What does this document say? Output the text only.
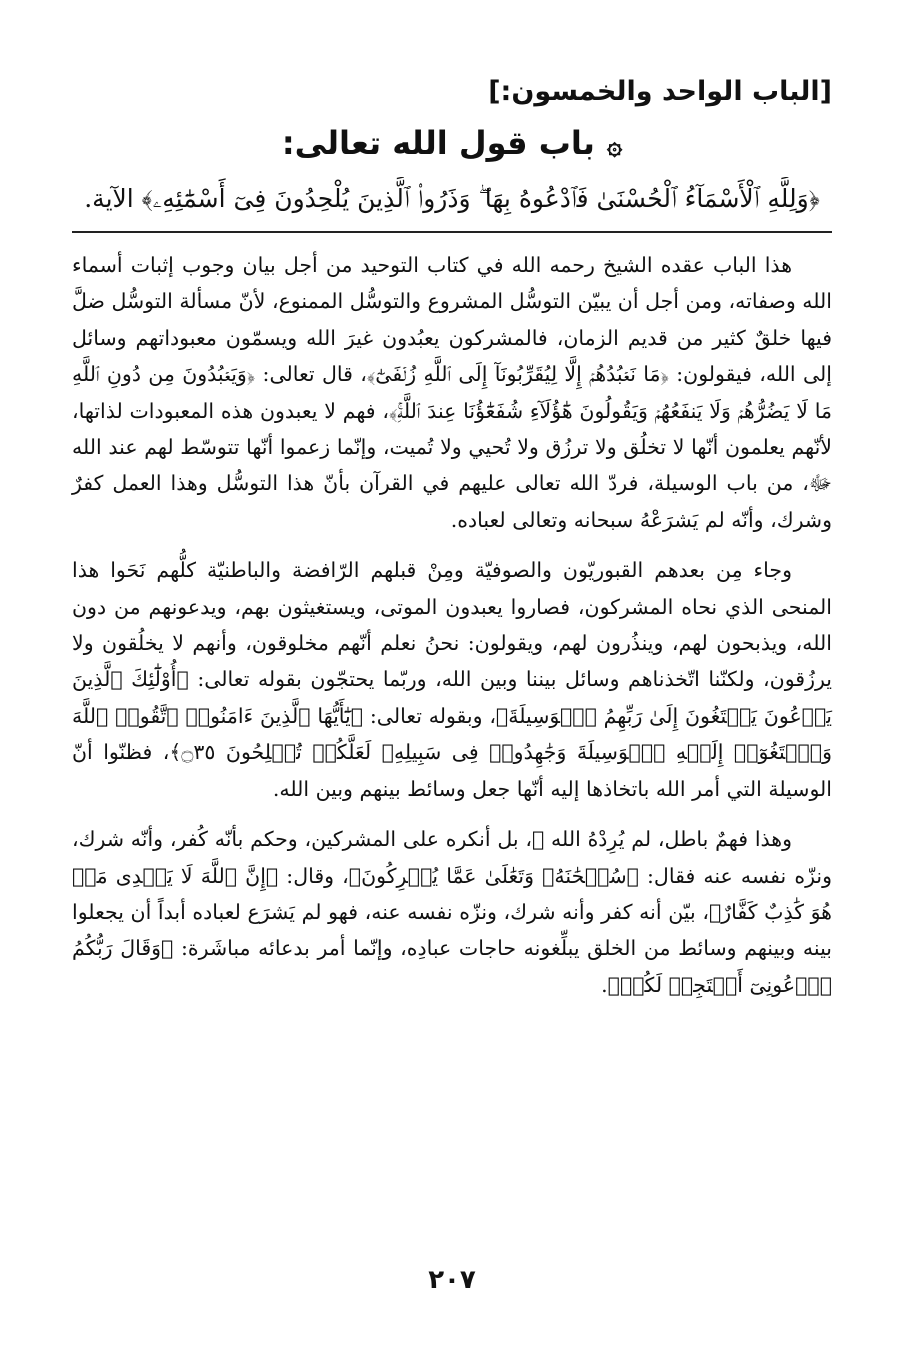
[الباب الواحد والخمسون:]
۞باب قول الله تعالى:

﴿وَلِلَّهِ ٱلْأَسْمَآءُ ٱلْحُسْنَىٰ فَٱدْعُوهُ بِهَا ۖ وَذَرُوا۟ ٱلَّذِينَ يُلْحِدُونَ فِىٓ أَسْمَٰٓئِهِۦ﴾ الآية.

هذا الباب عقده الشيخ رحمه الله في كتاب التوحيد من أجل بيان وجوب إثبات أسماء الله وصفاته، ومن أجل أن يبيّن التوسُّل المشروع والتوسُّل الممنوع، لأنّ مسألة التوسُّل ضلَّ فيها خلقٌ كثير من قديم الزمان، فالمشركون يعبُدون غيرَ الله ويسمّون معبوداتهم وسائل إلى الله، فيقولون: ﴿مَا نَعۡبُدُهُمۡ إِلَّا لِيُقَرِّبُونَآ إِلَى ٱللَّهِ زُلۡفَىٰٓ﴾، قال تعالى: ﴿وَيَعۡبُدُونَ مِن دُونِ ٱللَّهِ مَا لَا يَضُرُّهُمۡ وَلَا يَنفَعُهُمۡ وَيَقُولُونَ هَٰٓؤُلَآءِ شُفَعَٰٓؤُنَا عِندَ ٱللَّهِۚ﴾، فهم لا يعبدون هذه المعبودات لذاتها، لأنّهم يعلمون أنّها لا تخلُق ولا ترزُق ولا تُحيي ولا تُميت، وإنّما زعموا أنّها تتوسّط لهم عند الله ﷻ، من باب الوسيلة، فردّ الله تعالى عليهم في القرآن بأنّ هذا التوسُّل وهذا العمل كفرٌ وشرك، وأنّه لم يَشرَعْهُ سبحانه وتعالى لعباده.

وجاء مِن بعدهم القبوريّون والصوفيّة ومِنْ قبلهم الرّافضة والباطنيّة كلُّهم نَحَوا هذا المنحى الذي نحاه المشركون، فصاروا يعبدون الموتى، ويستغيثون بهم، ويدعونهم من دون الله، ويذبحون لهم، وينذُرون لهم، ويقولون: نحنُ نعلم أنّهم مخلوقون، وأنهم لا يخلُقون ولا يرزُقون، ولكنّنا اتّخذناهم وسائل بيننا وبين الله، وربّما يحتجّون بقوله تعالى: ﴿أُوْلَٰٓئِكَ ٱلَّذِينَ يَدۡعُونَ يَبۡتَغُونَ إِلَىٰ رَبِّهِمُ ٱلۡوَسِيلَةَ﴾، وبقوله تعالى: ﴿يَٰٓأَيُّهَا ٱلَّذِينَ ءَامَنُوا۟ ٱتَّقُوا۟ ٱللَّهَ وَٱبۡتَغُوٓا۟ إِلَيۡهِ ٱلۡوَسِيلَةَ وَجَٰهِدُوا۟ فِى سَبِيلِهِۦ لَعَلَّكُمۡ تُفۡلِحُونَ ۝٣٥﴾، فظنّوا أنّ الوسيلة التي أمر الله باتخاذها إليه أنّها جعل وسائط بينهم وبين الله.

وهذا فهمٌ باطل، لم يُرِدْهُ الله ﷻ، بل أنكره على المشركين، وحكم بأنّه كُفر، وأنّه شرك، ونزّه نفسه عنه فقال: ﴿سُبۡحَٰنَهُۥ وَتَعَٰلَىٰ عَمَّا يُشۡرِكُونَ﴾، وقال: ﴿إِنَّ ٱللَّهَ لَا يَهۡدِى مَنۡ هُوَ كَٰذِبٌ كَفَّارٌ﴾، بيّن أنه كفر وأنه شرك، ونزّه نفسه عنه، فهو لم يَشرَع لعباده أبداً أن يجعلوا بينه وبينهم وسائط من الخلق يبلِّغونه حاجات عبادِه، وإنّما أمر بدعائه مباشَرة: ﴿وَقَالَ رَبُّكُمُ ٱدۡعُونِىٓ أَسۡتَجِبۡ لَكُمۡ﴾.

٢٠٧
